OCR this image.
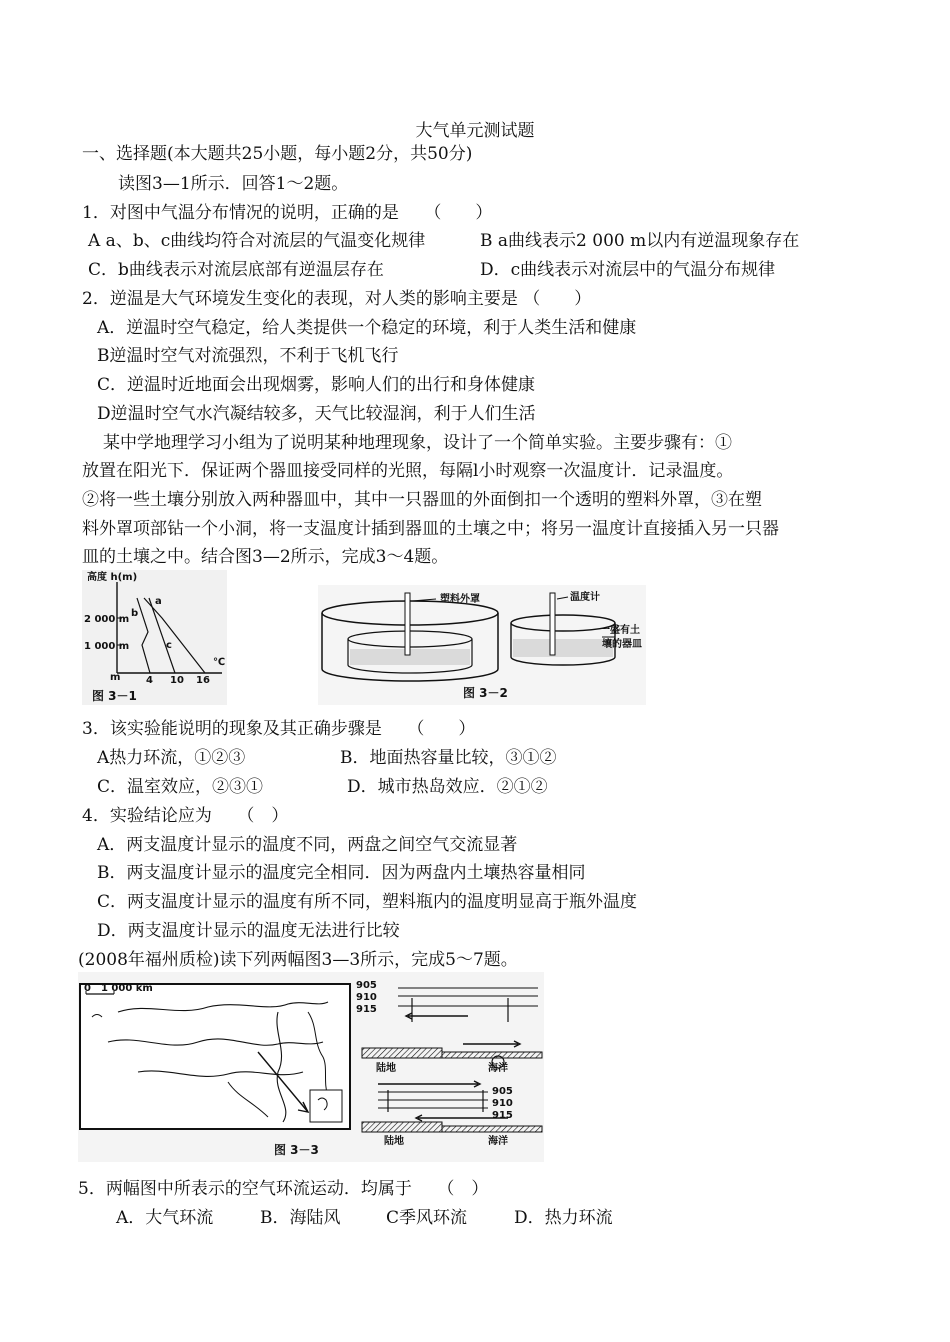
大气单元测试题
一、选择题(本大题共25小题，每小题2分，共50分)
读图3—1所示．回答1～2题。
1．对图中气温分布情况的说明，正确的是　　（　　）
A a、b、c曲线均符合对流层的气温变化规律	B a曲线表示2 000 m以内有逆温现象存在
C．b曲线表示对流层底部有逆温层存在	D．c曲线表示对流层中的气温分布规律
2．逆温是大气环境发生变化的表现，对人类的影响主要是 （　　）
A．逆温时空气稳定，给人类提供一个稳定的环境，利于人类生活和健康
B逆温时空气对流强烈，不利于飞机飞行
C．逆温时近地面会出现烟雾，影响人们的出行和身体健康
D逆温时空气水汽凝结较多，天气比较湿润，利于人们生活
某中学地理学习小组为了说明某种地理现象，设计了一个简单实验。主要步骤有：①
放置在阳光下．保证两个器皿接受同样的光照，每隔l小时观察一次温度计．记录温度。
②将一些土壤分别放入两种器皿中，其中一只器皿的外面倒扣一个透明的塑料外罩，③在塑
料外罩项部钻一个小洞，将一支温度计插到器皿的土壤之中；将另一温度计直接插入另一只器
皿的土壤之中。结合图3—2所示，完成3～4题。
高度 h(m)
2 000 m
1 000 m
m
a
b
c
4 10 16
℃
图 3－1
塑料外罩	温度计
一盛有土
壤的器皿
图 3－2
3．该实验能说明的现象及其正确步骤是　　（　　）
A热力环流，①②③	B．地面热容量比较，③①②
C．温室效应，②③①	D．城市热岛效应．②①②
4．实验结论应为　　（　）
A．两支温度计显示的温度不同，两盘之间空气交流显著
B．两支温度计显示的温度完全相同．因为两盘内土壤热容量相同
C．两支温度计显示的温度有所不同，塑料瓶内的温度明显高于瓶外温度
D．两支温度计显示的温度无法进行比较
(2008年福州质检)读下列两幅图3—3所示，完成5～7题。
0　1 000 km	905
910
915
陆地	海洋
905
910
915
陆地	海洋
图 3－3
5．两幅图中所表示的空气环流运动．均属于　　（　）
A．大气环流	B．海陆风	C季风环流	D．热力环流
